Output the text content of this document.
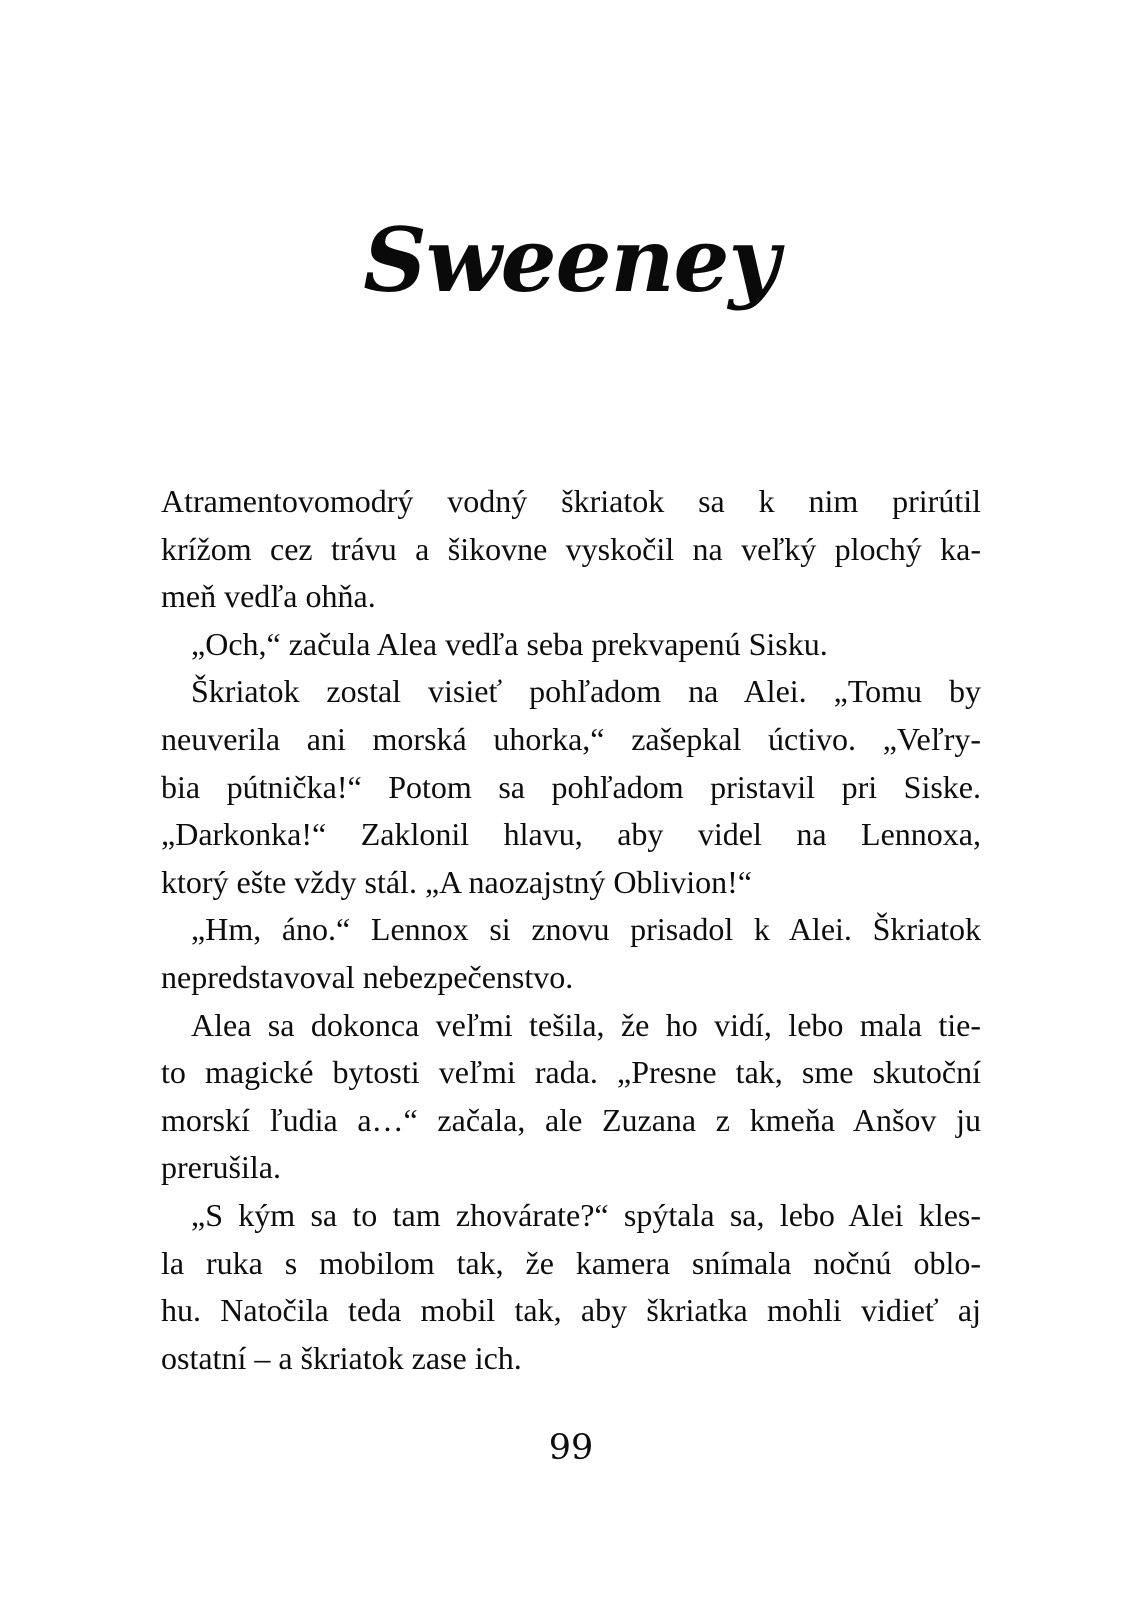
Sweeney
Atramentovomodrý vodný škriatok sa k nim prirútil
krížom cez trávu a šikovne vyskočil na veľký plochý ka-
meň vedľa ohňa.
„Och,“ začula Alea vedľa seba prekvapenú Sisku.
Škriatok zostal visieť pohľadom na Alei. „Tomu by
neuverila ani morská uhorka,“ zašepkal úctivo. „Veľry-
bia pútnička!“ Potom sa pohľadom pristavil pri Siske.
„Darkonka!“ Zaklonil hlavu, aby videl na Lennoxa,
ktorý ešte vždy stál. „A naozajstný Oblivion!“
„Hm, áno.“ Lennox si znovu prisadol k Alei. Škriatok
nepredstavoval nebezpečenstvo.
Alea sa dokonca veľmi tešila, že ho vidí, lebo mala tie-
to magické bytosti veľmi rada. „Presne tak, sme skutoční
morskí ľudia a…“ začala, ale Zuzana z kmeňa Anšov ju
prerušila.
„S kým sa to tam zhovárate?“ spýtala sa, lebo Alei kles-
la ruka s mobilom tak, že kamera snímala nočnú oblo-
hu. Natočila teda mobil tak, aby škriatka mohli vidieť aj
ostatní – a škriatok zase ich.
99
